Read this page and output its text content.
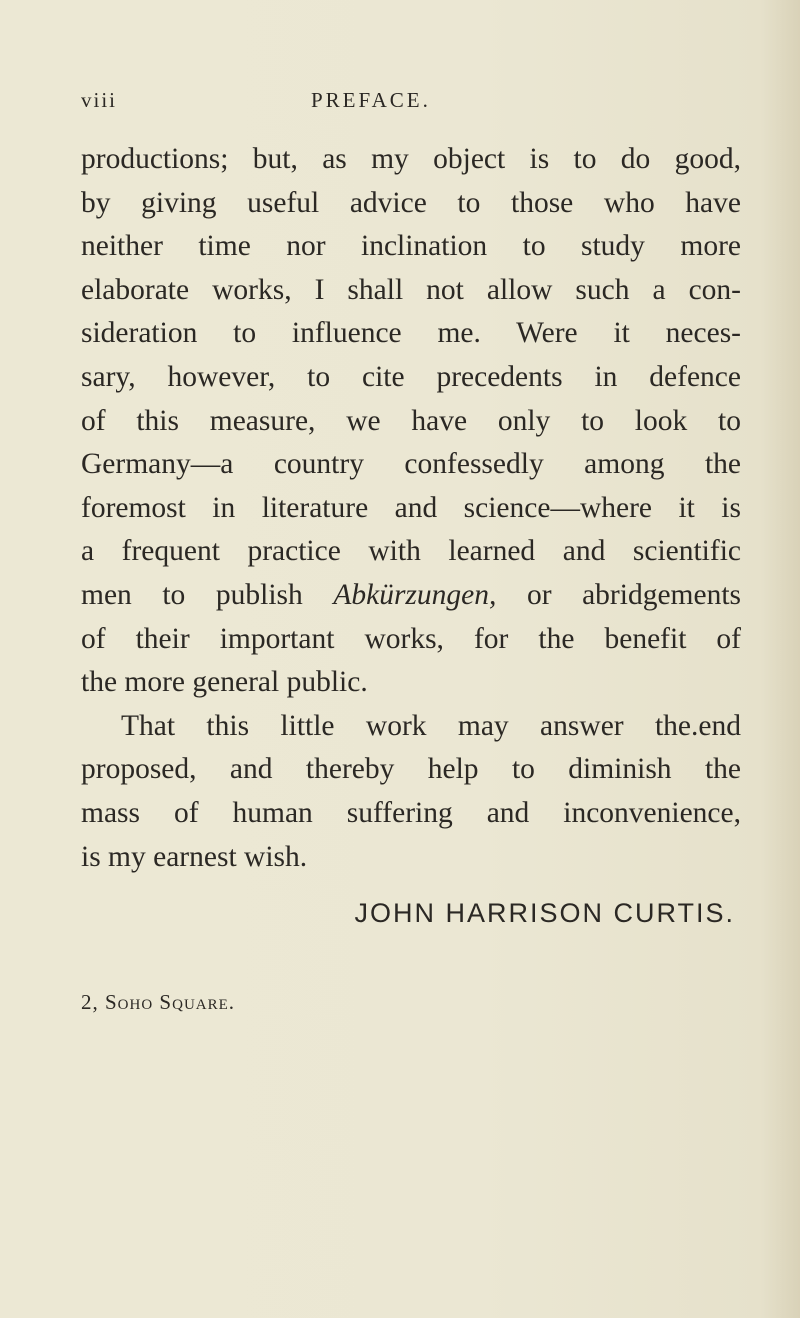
viii	PREFACE.
productions; but, as my object is to do good,
by giving useful advice to those who have
neither time nor inclination to study more
elaborate works, I shall not allow such a con-
sideration to influence me. Were it neces-
sary, however, to cite precedents in defence
of this measure, we have only to look to
Germany—a country confessedly among the
foremost in literature and science—where it is
a frequent practice with learned and scientific
men to publish Abkürzungen, or abridgements
of their important works, for the benefit of
the more general public.
That this little work may answer the.end
proposed, and thereby help to diminish the
mass of human suffering and inconvenience,
is my earnest wish.
JOHN HARRISON CURTIS.
2, Soho Square.
